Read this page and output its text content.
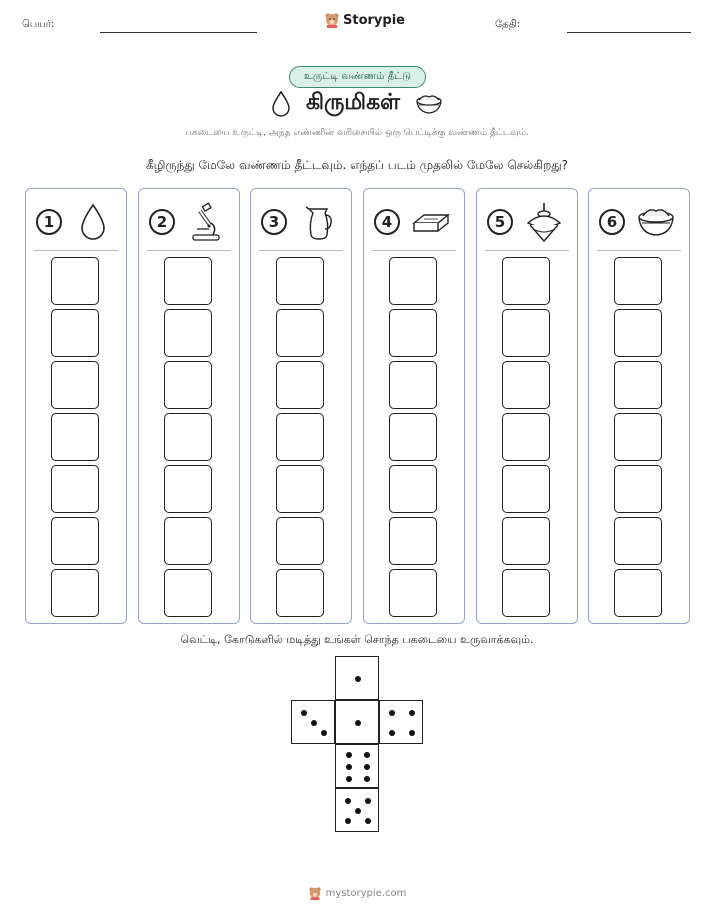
பெயர்:	Storypie	தேதி:
உருட்டி வண்ணம் தீட்டு
கிருமிகள்
பகடையை உருட்டி, அந்த எண்ணின் வரிசையில் ஒரு பெட்டிக்கு வண்ணம் தீட்டவும்.
கீழிருந்து மேலே வண்ணம் தீட்டவும். எந்தப் படம் முதலில் மேலே செல்கிறது?
1	2	3	4	5	6
வெட்டி, கோடுகளில் மடித்து உங்கள் சொந்த பகடையை உருவாக்கவும்.
mystorypie.com
